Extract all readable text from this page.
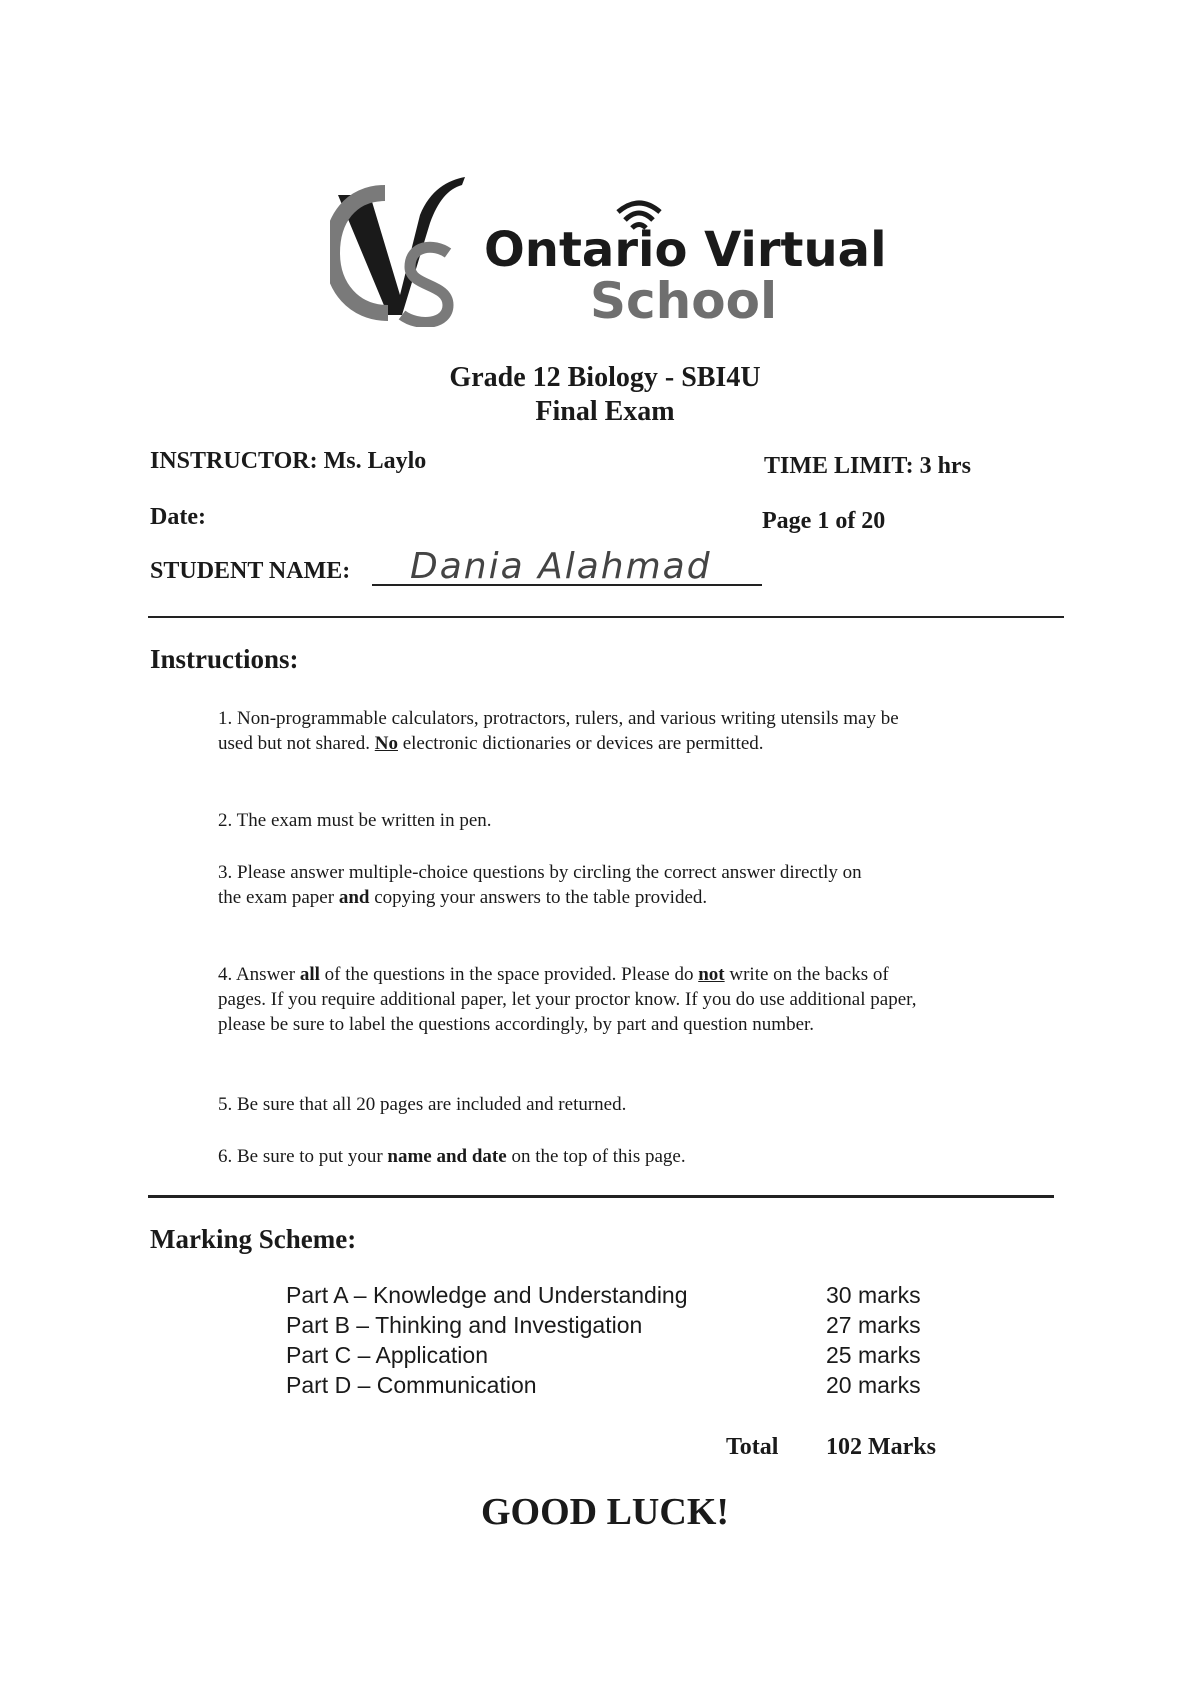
Ontario Virtual
School
Grade 12 Biology - SBI4U
Final Exam
INSTRUCTOR: Ms. Laylo	TIME LIMIT: 3 hrs
Date:	Page 1 of 20
STUDENT NAME: Dania Alahmad
Instructions:
1. Non-programmable calculators, protractors, rulers, and various writing utensils may be used but not shared. No electronic dictionaries or devices are permitted.
2. The exam must be written in pen.
3. Please answer multiple-choice questions by circling the correct answer directly on the exam paper and copying your answers to the table provided.
4. Answer all of the questions in the space provided. Please do not write on the backs of pages. If you require additional paper, let your proctor know. If you do use additional paper, please be sure to label the questions accordingly, by part and question number.
5. Be sure that all 20 pages are included and returned.
6. Be sure to put your name and date on the top of this page.
Marking Scheme:
Part A – Knowledge and Understanding	30 marks
Part B – Thinking and Investigation	27 marks
Part C – Application	25 marks
Part D – Communication	20 marks
Total 102 Marks
GOOD LUCK!
